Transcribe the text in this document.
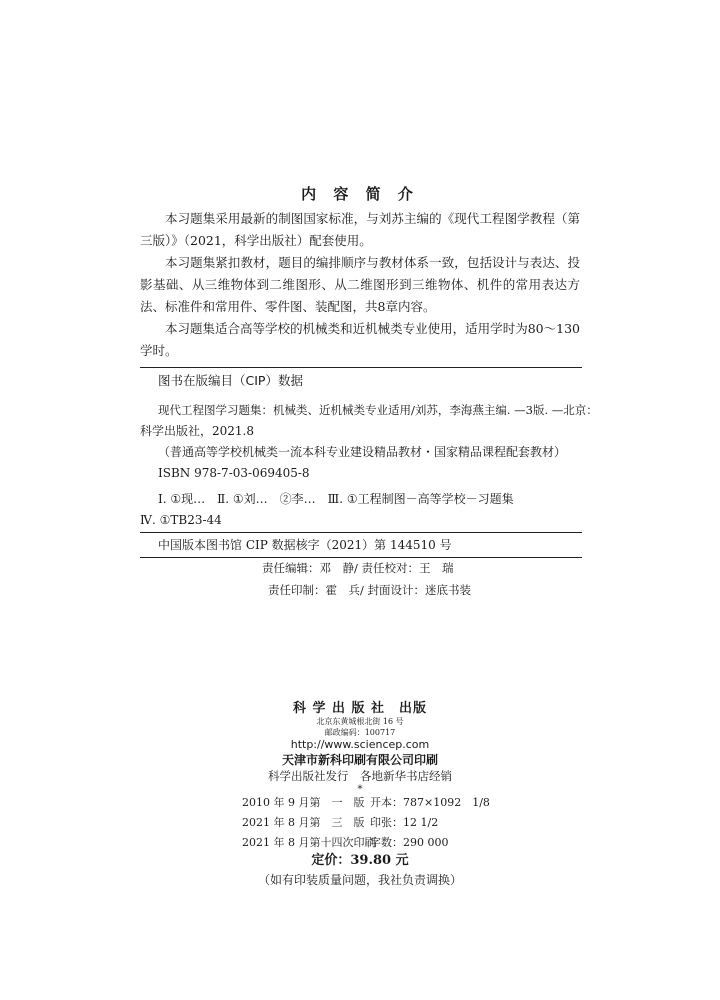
内 容 简 介

本习题集采用最新的制图国家标准，与刘苏主编的《现代工程图学教程（第三版）》（2021，科学出版社）配套使用。

本习题集紧扣教材，题目的编排顺序与教材体系一致，包括设计与表达、投影基础、从三维物体到二维图形、从二维图形到三维物体、机件的常用表达方法、标准件和常用件、零件图、装配图，共8章内容。

本习题集适合高等学校的机械类和近机械类专业使用，适用学时为80～130学时。

图书在版编目（CIP）数据
现代工程图学习题集：机械类、近机械类专业适用/刘苏，李海燕主编. —3版. —北京：
科学出版社，2021.8
（普通高等学校机械类一流本科专业建设精品教材・国家精品课程配套教材）
ISBN 978-7-03-069405-8
Ⅰ. ①现…　Ⅱ. ①刘…　②李…　Ⅲ. ①工程制图－高等学校－习题集
Ⅳ. ①TB23-44
中国版本图书馆 CIP 数据核字（2021）第 144510 号
责任编辑：邓　静/ 责任校对：王　瑞
责任印制：霍　兵/ 封面设计：迷底书装
科 学 出 版 社　出版
北京东黄城根北街 16 号
邮政编码：100717
http://www.sciencep.com
天津市新科印刷有限公司印刷
科学出版社发行　各地新华书店经销
*
2010 年 9 月第　一　版 开本：787×1092　1/8
2021 年 8 月第　三　版 印张：12 1/2
2021 年 8 月第十四次印刷字数：290 000
定价：39.80 元
（如有印装质量问题，我社负责调换）
